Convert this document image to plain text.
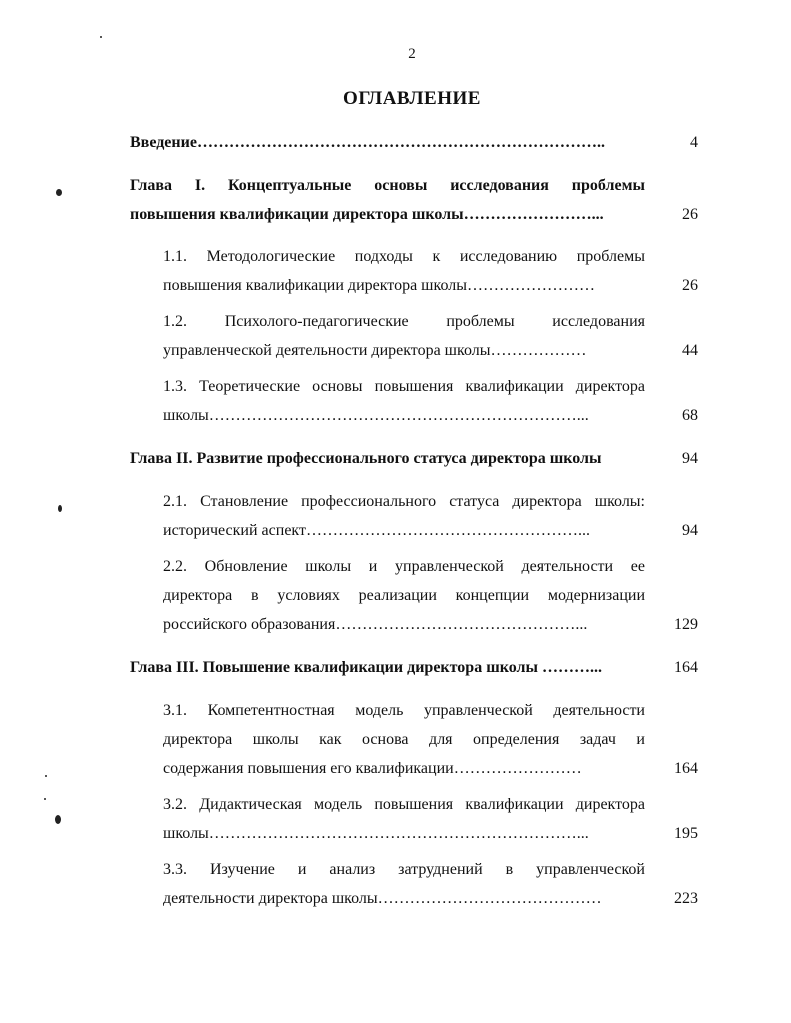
2
ОГЛАВЛЕНИЕ
Введение…………………………………………………………………..	4
Глава I. Концептуальные основы исследования проблемы
повышения квалификации директора школы……………………...	26
1.1. Методологические подходы к исследованию проблемы
повышения квалификации директора школы……………………	26
1.2. Психолого-педагогические проблемы исследования
управленческой деятельности директора школы………………	44
1.3. Теоретические основы повышения квалификации директора
школы……………………………………………………………...	68
Глава II. Развитие профессионального статуса директора школы	94
2.1. Становление профессионального статуса директора школы:
исторический аспект……………………………………………...	94
2.2. Обновление школы и управленческой деятельности ее
директора в условиях реализации концепции модернизации
российского образования………………………………………...	129
Глава III. Повышение квалификации директора школы ………...	164
3.1. Компетентностная модель управленческой деятельности
директора школы как основа для определения задач и
содержания повышения его квалификации……………………	164
3.2. Дидактическая модель повышения квалификации директора
школы……………………………………………………………...	195
3.3. Изучение и анализ затруднений в управленческой
деятельности директора школы……………………………………	223
